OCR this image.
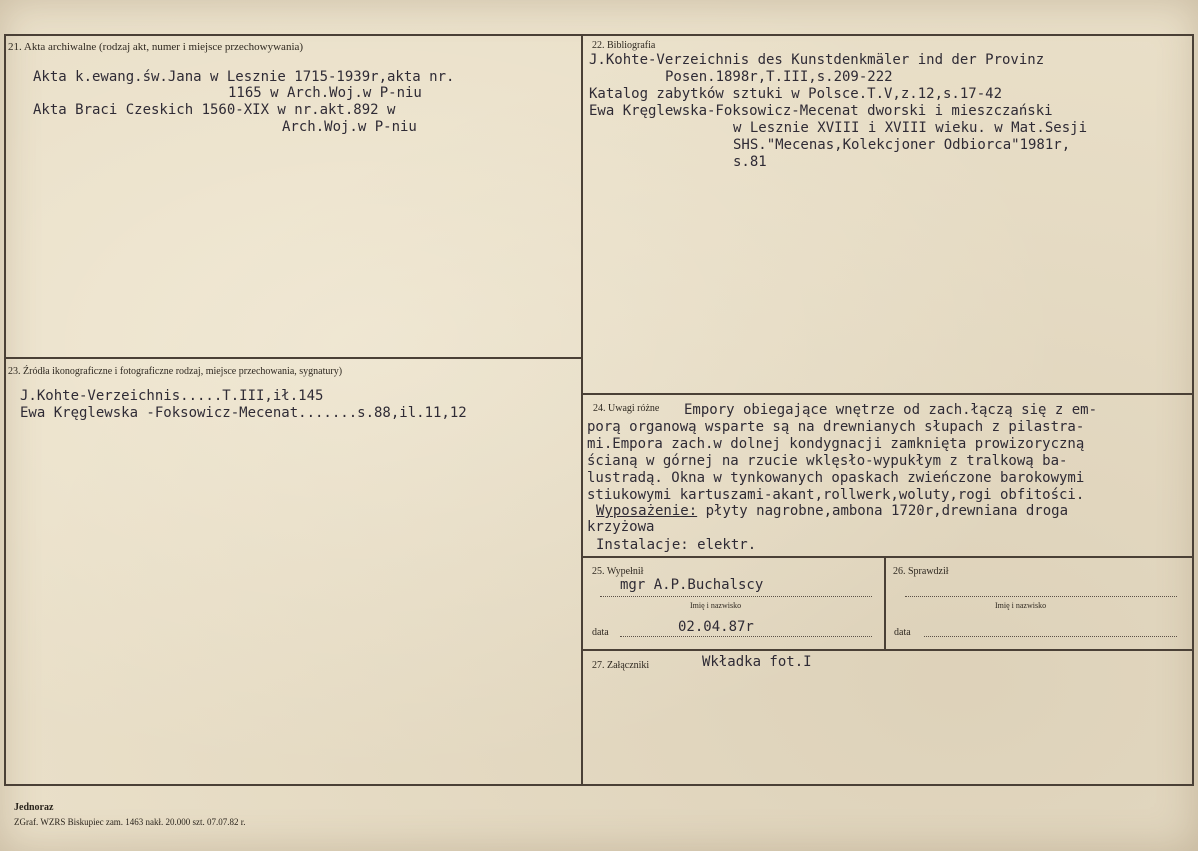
21. Akta archiwalne (rodzaj akt, numer i miejsce przechowywania)
Akta k.ewang.św.Jana w Lesznie 1715-1939r,akta nr.
1165 w Arch.Woj.w P-niu
Akta Braci Czeskich 1560-XIX w nr.akt.892 w
Arch.Woj.w P-niu
22. Bibliografia
J.Kohte-Verzeichnis des Kunstdenkmäler ind der Provinz
Posen.1898r,T.III,s.209-222
Katalog zabytków sztuki w Polsce.T.V,z.12,s.17-42
Ewa Kręglewska-Foksowicz-Mecenat dworski i mieszczański
w Lesznie XVIII i XVIII wieku. w Mat.Sesji
SHS."Mecenas,Kolekcjoner Odbiorca"1981r,
s.81
23. Źródła ikonograficzne i fotograficzne rodzaj, miejsce przechowania, sygnatury)
J.Kohte-Verzeichnis.....T.III,ił.145
Ewa Kręglewska -Foksowicz-Mecenat.......s.88,il.11,12	24. Uwagi różne Empory obiegające wnętrze od zach.łączą się z em-
porą organową wsparte są na drewnianych słupach z pilastra-
mi.Empora zach.w dolnej kondygnacji zamknięta prowizoryczną
ścianą w górnej na rzucie wklęsło-wypukłym z tralkową ba-
lustradą. Okna w tynkowanych opaskach zwieńczone barokowymi
stiukowymi kartuszami-akant,rollwerk,woluty,rogi obfitości.
Wyposażenie: płyty nagrobne,ambona 1720r,drewniana droga
krzyżowa
Instalacje: elektr.
25. Wypełnił
mgr A.P.Buchalscy
Imię i nazwisko
data	02.04.87r
26. Sprawdził
Imię i nazwisko
data
27. Załączniki	Wkładka fot.I
Jednoraz
ZGraf. WZRS Biskupiec zam. 1463 nakł. 20.000 szt. 07.07.82 r.
